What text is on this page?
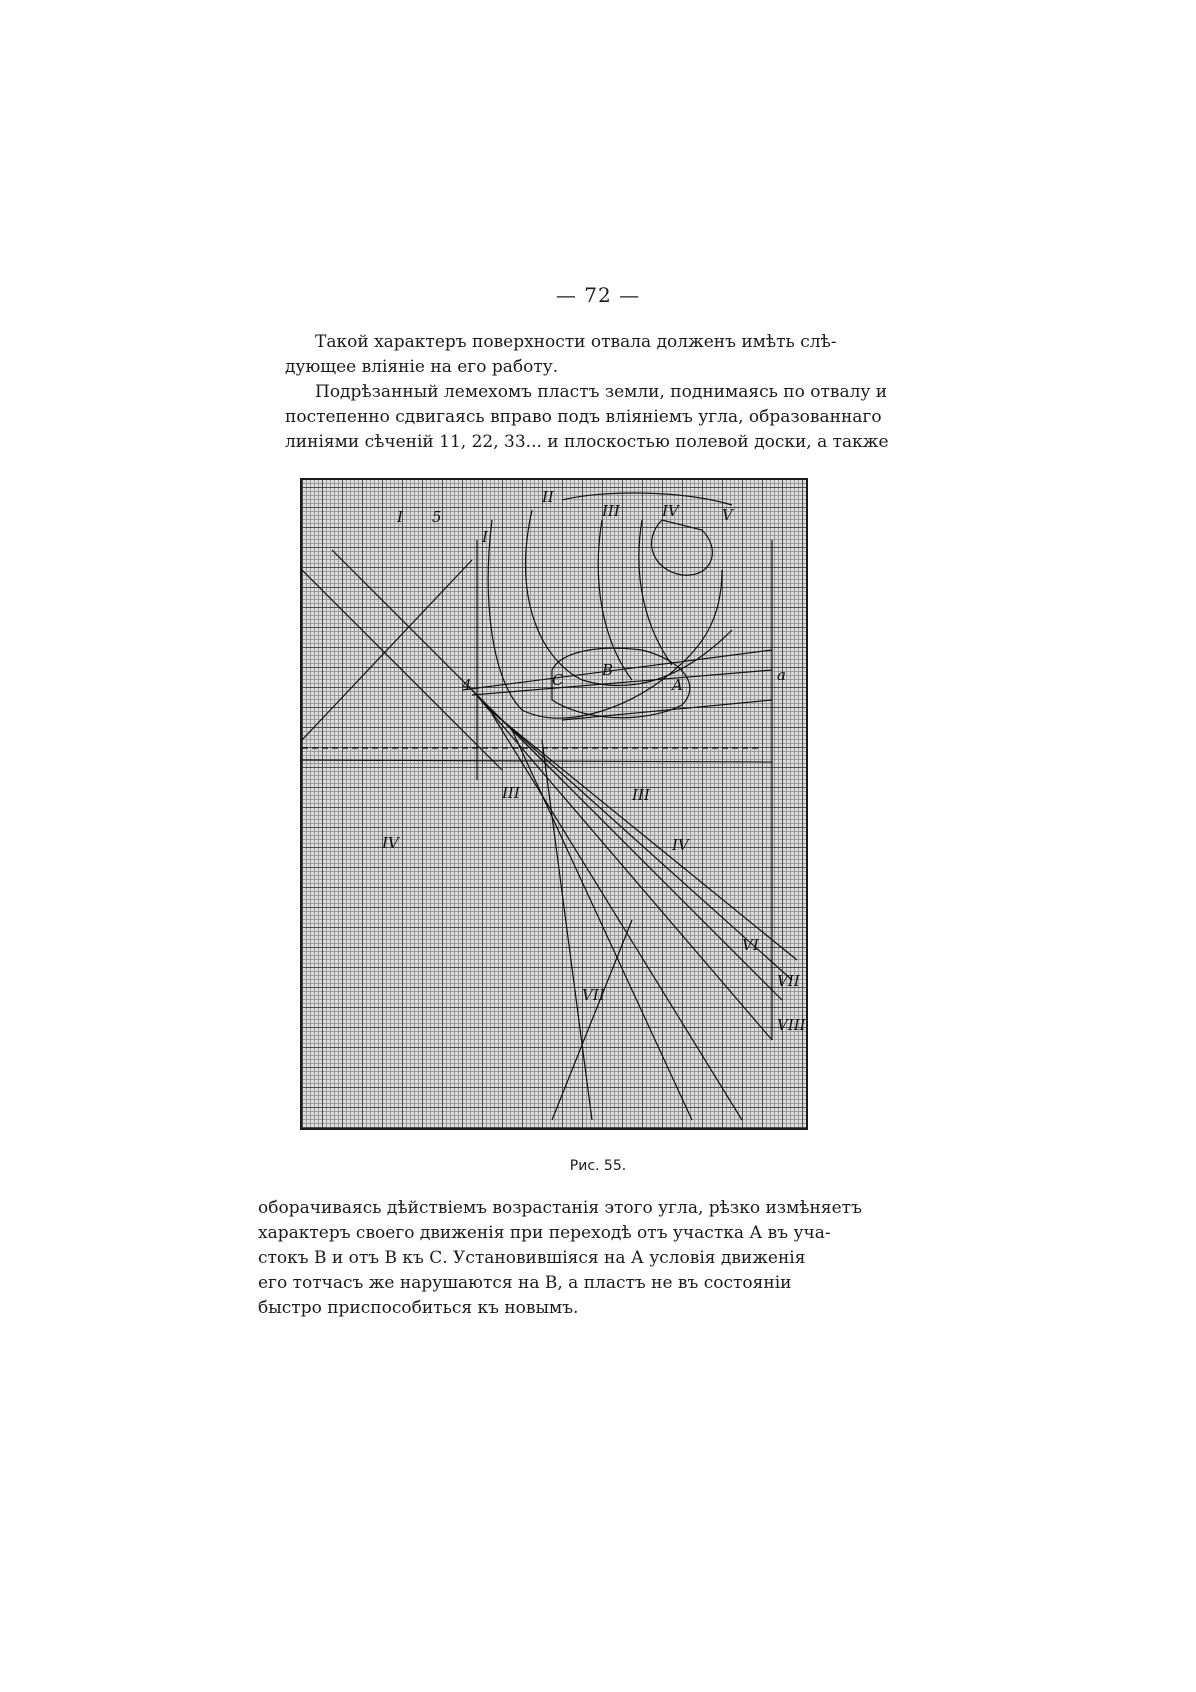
— 72 —
Такой характеръ поверхности отвала долженъ имѣть слѣ-
дующее вліяніе на его работу.
Подрѣзанный лемехомъ пластъ земли, поднимаясь по отвалу и
постепенно сдвигаясь вправо подъ вліяніемъ угла, образованнаго
линіями сѣченій 11, 22, 33... и плоскостью полевой доски, а также
I
I
II
III	IV	V
III	III
IV
VI
VII
VIII
VII
IV
B
A
C	a
4
5
Рис. 55.
оборачиваясь дѣйствіемъ возрастанія этого угла, рѣзко измѣняетъ
характеръ своего движенія при переходѣ отъ участка А въ уча-
стокъ В и отъ В къ С. Установившіяся на А условія движенія
его тотчасъ же нарушаются на В, а пластъ не въ состояніи
быстро приспособиться къ новымъ.
